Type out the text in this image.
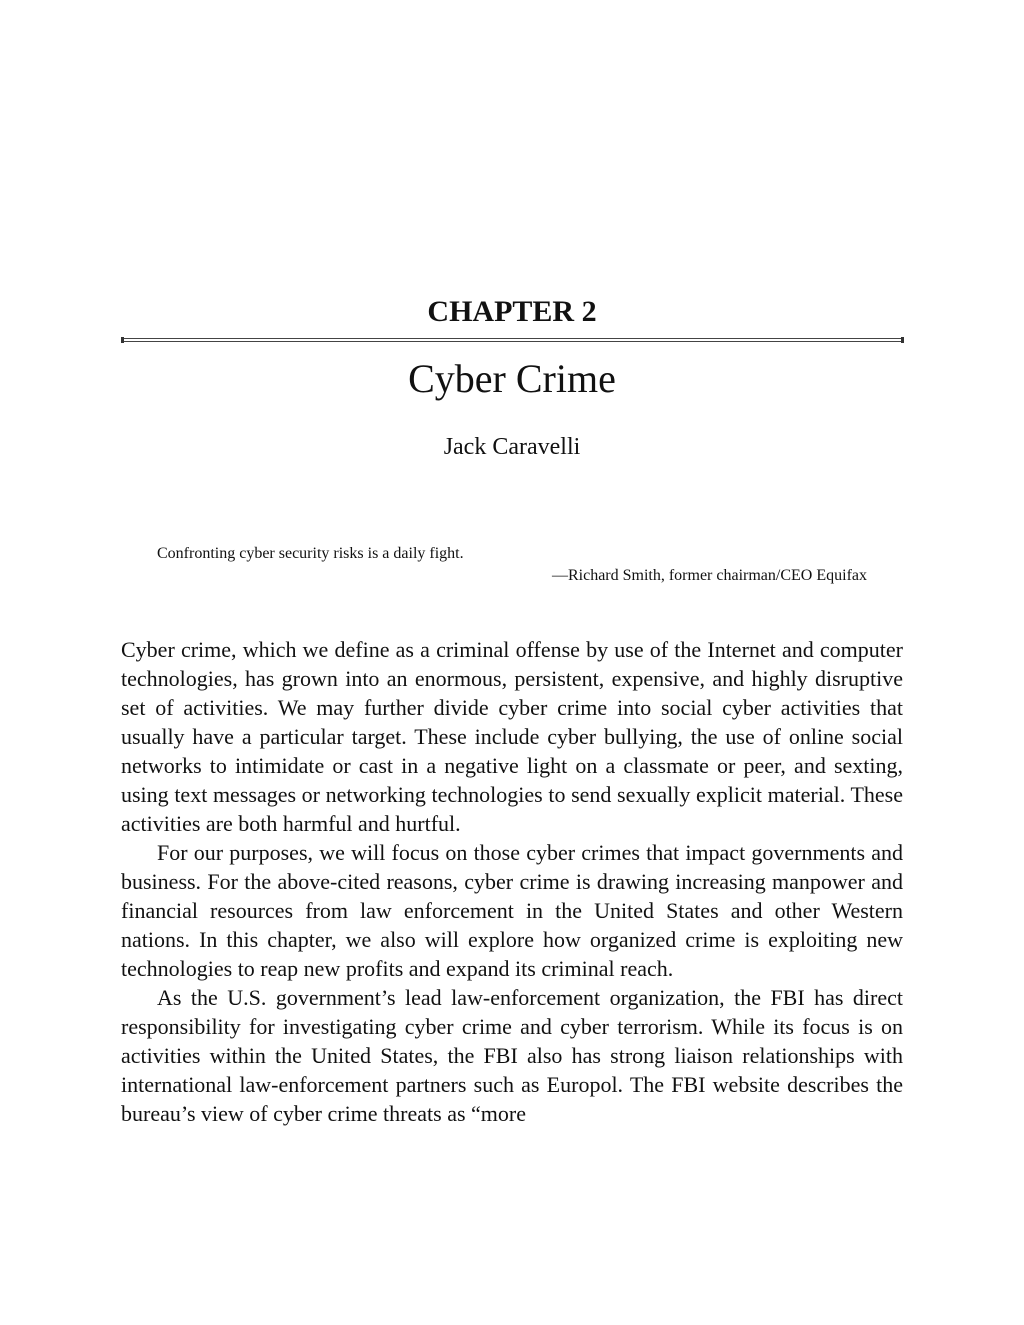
CHAPTER 2
Cyber Crime

Jack Caravelli

Confronting cyber security risks is a daily fight.

—Richard Smith, former chairman/CEO Equifax

Cyber crime, which we define as a criminal offense by use of the Internet and computer technologies, has grown into an enormous, persistent, expensive, and highly disruptive set of activities. We may further divide cyber crime into social cyber activities that usually have a particular target. These include cyber bullying, the use of online social networks to intimidate or cast in a negative light on a classmate or peer, and sexting, using text messages or networking technologies to send sexually explicit material. These activities are both harmful and hurtful.

For our purposes, we will focus on those cyber crimes that impact governments and business. For the above-cited reasons, cyber crime is drawing increasing manpower and financial resources from law enforcement in the United States and other Western nations. In this chapter, we also will explore how organized crime is exploiting new technologies to reap new profits and expand its criminal reach.

As the U.S. government’s lead law-enforcement organization, the FBI has direct responsibility for investigating cyber crime and cyber terrorism. While its focus is on activities within the United States, the FBI also has strong liaison relationships with international law-enforcement partners such as Europol. The FBI website describes the bureau’s view of cyber crime threats as “more
